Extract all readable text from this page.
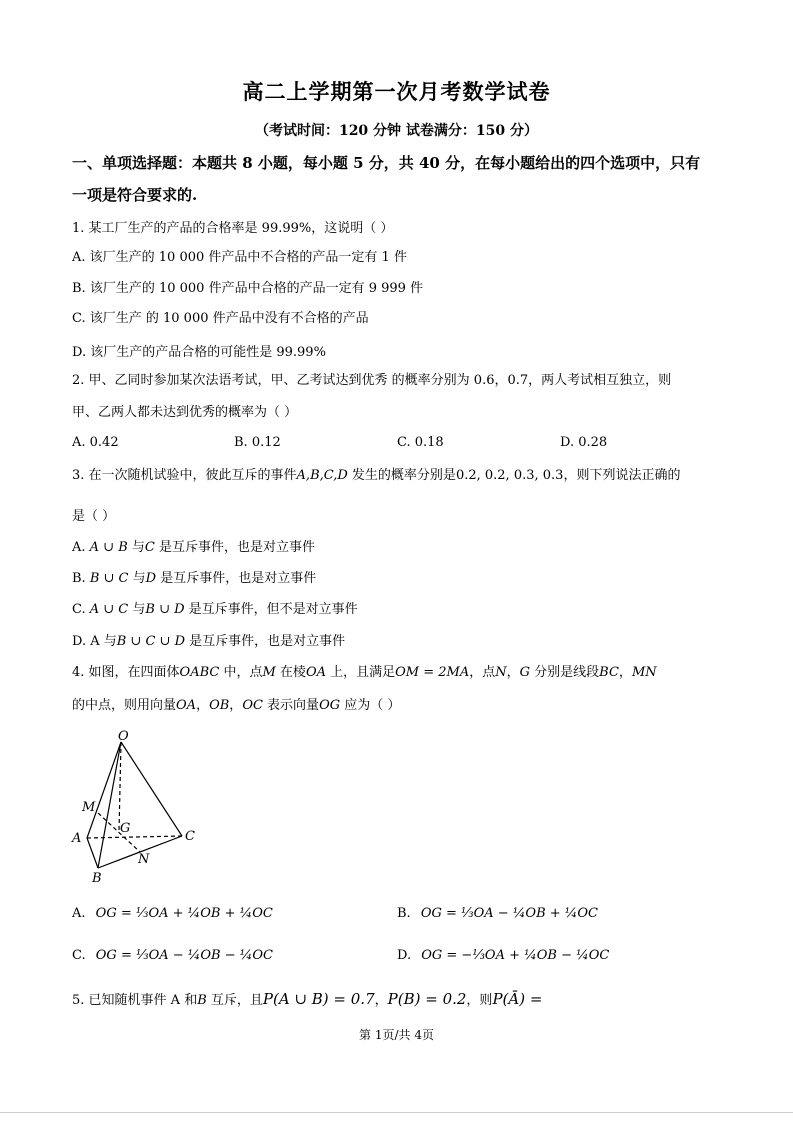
高二上学期第一次月考数学试卷
（考试时间：120 分钟 试卷满分：150 分）
一、单项选择题：本题共 8 小题，每小题 5 分，共 40 分，在每小题给出的四个选项中，只有
一项是符合要求的.
1. 某工厂生产的产品的合格率是 99.99%，这说明（ ）
A. 该厂生产的 10 000 件产品中不合格的产品一定有 1 件
B. 该厂生产的 10 000 件产品中合格的产品一定有 9 999 件
C. 该厂生产 的 10 000 件产品中没有不合格的产品
D. 该厂生产的产品合格的可能性是 99.99%
2. 甲、乙同时参加某次法语考试，甲、乙考试达到优秀 的概率分别为 0.6，0.7，两人考试相互独立，则
甲、乙两人都未达到优秀的概率为（ ）
A. 0.42	B. 0.12	C. 0.18	D. 0.28
3. 在一次随机试验中，彼此互斥的事件A,B,C,D 发生的概率分别是0.2, 0.2, 0.3, 0.3，则下列说法正确的
是（ ）
A. A ∪ B 与C 是互斥事件，也是对立事件
B. B ∪ C 与D 是互斥事件，也是对立事件
C. A ∪ C 与B ∪ D 是互斥事件，但不是对立事件
D. A 与B ∪ C ∪ D 是互斥事件，也是对立事件
4. 如图，在四面体OABC 中，点M 在棱OA 上，且满足OM = 2MA，点N，G 分别是线段BC，MN
的中点，则用向量OA，OB，OC 表示向量OG 应为（ ）
O
M
G
A	C
N
B
A. OG = ⅓OA + ¼OB + ¼OC	B. OG = ⅓OA − ¼OB + ¼OC
C. OG = ⅓OA − ¼OB − ¼OC	D. OG = −⅓OA + ¼OB − ¼OC
5. 已知随机事件 A 和B 互斥，且P(A ∪ B) = 0.7，P(B) = 0.2，则P(Ā) =
第 1页/共 4页
